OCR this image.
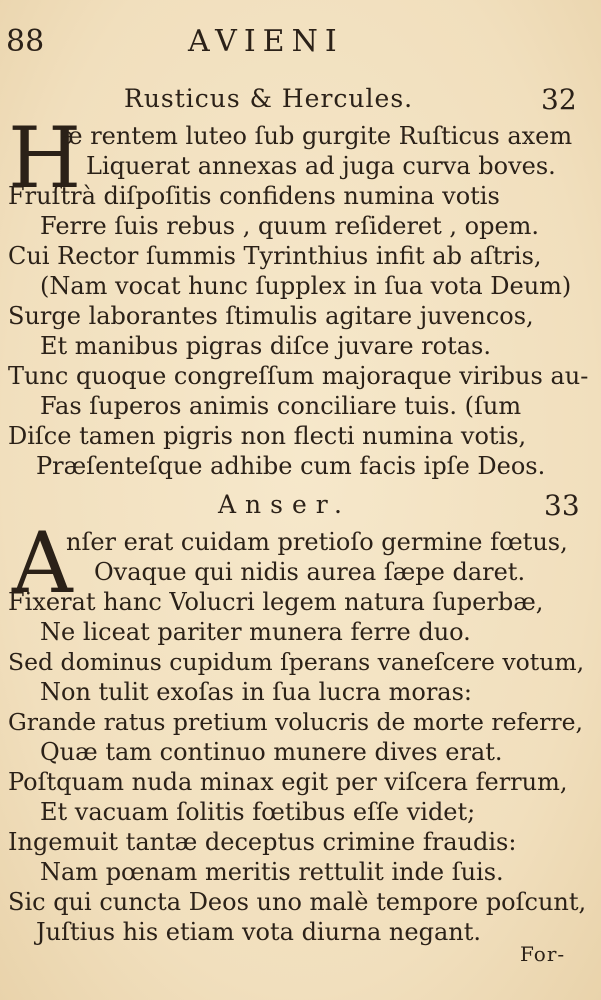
88	AVIENI
Rusticus & Hercules.	32
H
æ rentem luteo ſub gurgite Ruſticus axem
Liquerat annexas ad juga curva boves.
Fruſtrà diſpoſitis confidens numina votis
Ferre ſuis rebus , quum reſideret , opem.
Cui Rector ſummis Tyrinthius infit ab aſtris,
(Nam vocat hunc ſupplex in ſua vota Deum)
Surge laborantes ſtimulis agitare juvencos,
Et manibus pigras diſce juvare rotas.
Tunc quoque congreſſum majoraque viribus au-
Fas ſuperos animis conciliare tuis. (ſum
Diſce tamen pigris non flecti numina votis,
Præſenteſque adhibe cum facis ipſe Deos.
Anser.	33
A
nſer erat cuidam pretioſo germine fœtus,
Ovaque qui nidis aurea ſæpe daret.
Fixerat hanc Volucri legem natura ſuperbæ,
Ne liceat pariter munera ferre duo.
Sed dominus cupidum ſperans vaneſcere votum,
Non tulit exoſas in ſua lucra moras:
Grande ratus pretium volucris de morte referre,
Quæ tam continuo munere dives erat.
Poſtquam nuda minax egit per viſcera ferrum,
Et vacuam ſolitis fœtibus eſſe videt;
Ingemuit tantæ deceptus crimine fraudis:
Nam pœnam meritis rettulit inde ſuis.
Sic qui cuncta Deos uno malè tempore poſcunt,
Juſtius his etiam vota diurna negant.
For-
